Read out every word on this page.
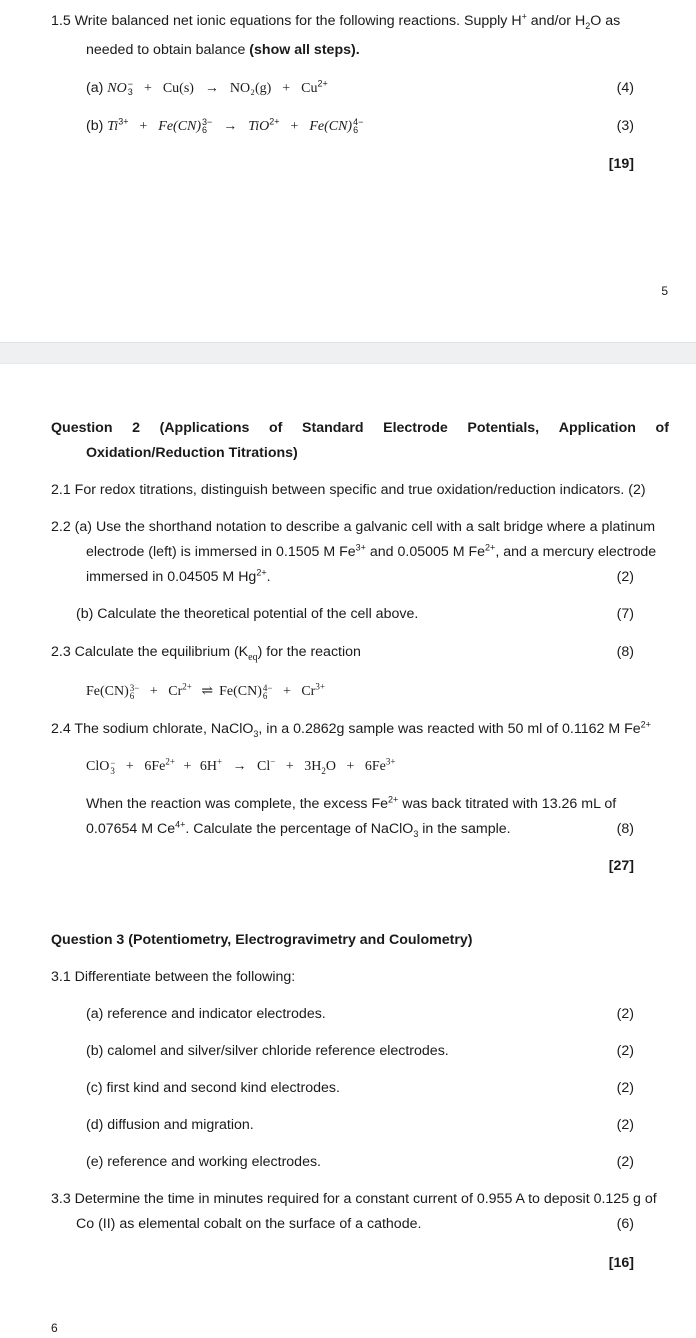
1.5 Write balanced net ionic equations for the following reactions. Supply H+ and/or $H_2O$ as
needed to obtain balance (show all steps).
(a) NO −
$3 + Cu(s) \to NO_2(g) + Cu^{2+}$	(4)
(b) $Ti^{3+} + Fe(CN)$ 3−
6	→ TiO$^{2+}$ + Fe(CN) 4−
6	(3)
[19]
5
Question 2 (Applications of Standard Electrode Potentials, Application of
Oxidation/Reduction Titrations)
2.1 For redox titrations, distinguish between specific and true oxidation/reduction indicators. (2)
2.2 (a) Use the shorthand notation to describe a galvanic cell with a salt bridge where a platinum
electrode (left) is immersed in 0.1505 M $Fe^{3+}$ and 0.05005 M $Fe^{2+}$, and a mercury electrode
immersed in 0.04505 M $Hg^{2+}$.	(2)
(b) Calculate the theoretical potential of the cell above.	(7)
2.3 Calculate the equilibrium $(K_{eq})$ for the reaction	(8)
Fe(CN) 3−
6	+ $Cr^{2+}$ ⇌ Fe(CN) 4−
6	+ $Cr^{3+}$
2.4 The sodium chlorate, NaClO$_3$, in a 0.2862g sample was reacted with 50 ml of 0.1162 M $Fe^{2+}$
ClO −
$3 + 6Fe^{2+} + 6H^+ \to Cl^- + 3H_2O + 6Fe^{3+}$
When the reaction was complete, the excess $Fe^{2+}$ was back titrated with 13.26 mL of
0.07654 M $Ce^{4+}$. Calculate the percentage of NaClO$_3$ in the sample.	(8)
[27]
Question 3 (Potentiometry, Electrogravimetry and Coulometry)
3.1 Differentiate between the following:
(a) reference and indicator electrodes.	(2)
(b) calomel and silver/silver chloride reference electrodes.	(2)
(c) first kind and second kind electrodes.	(2)
(d) diffusion and migration.	(2)
(e) reference and working electrodes.	(2)
3.3 Determine the time in minutes required for a constant current of 0.955 A to deposit 0.125 g of
Co (II) as elemental cobalt on the surface of a cathode.	(6)
[16]
6
